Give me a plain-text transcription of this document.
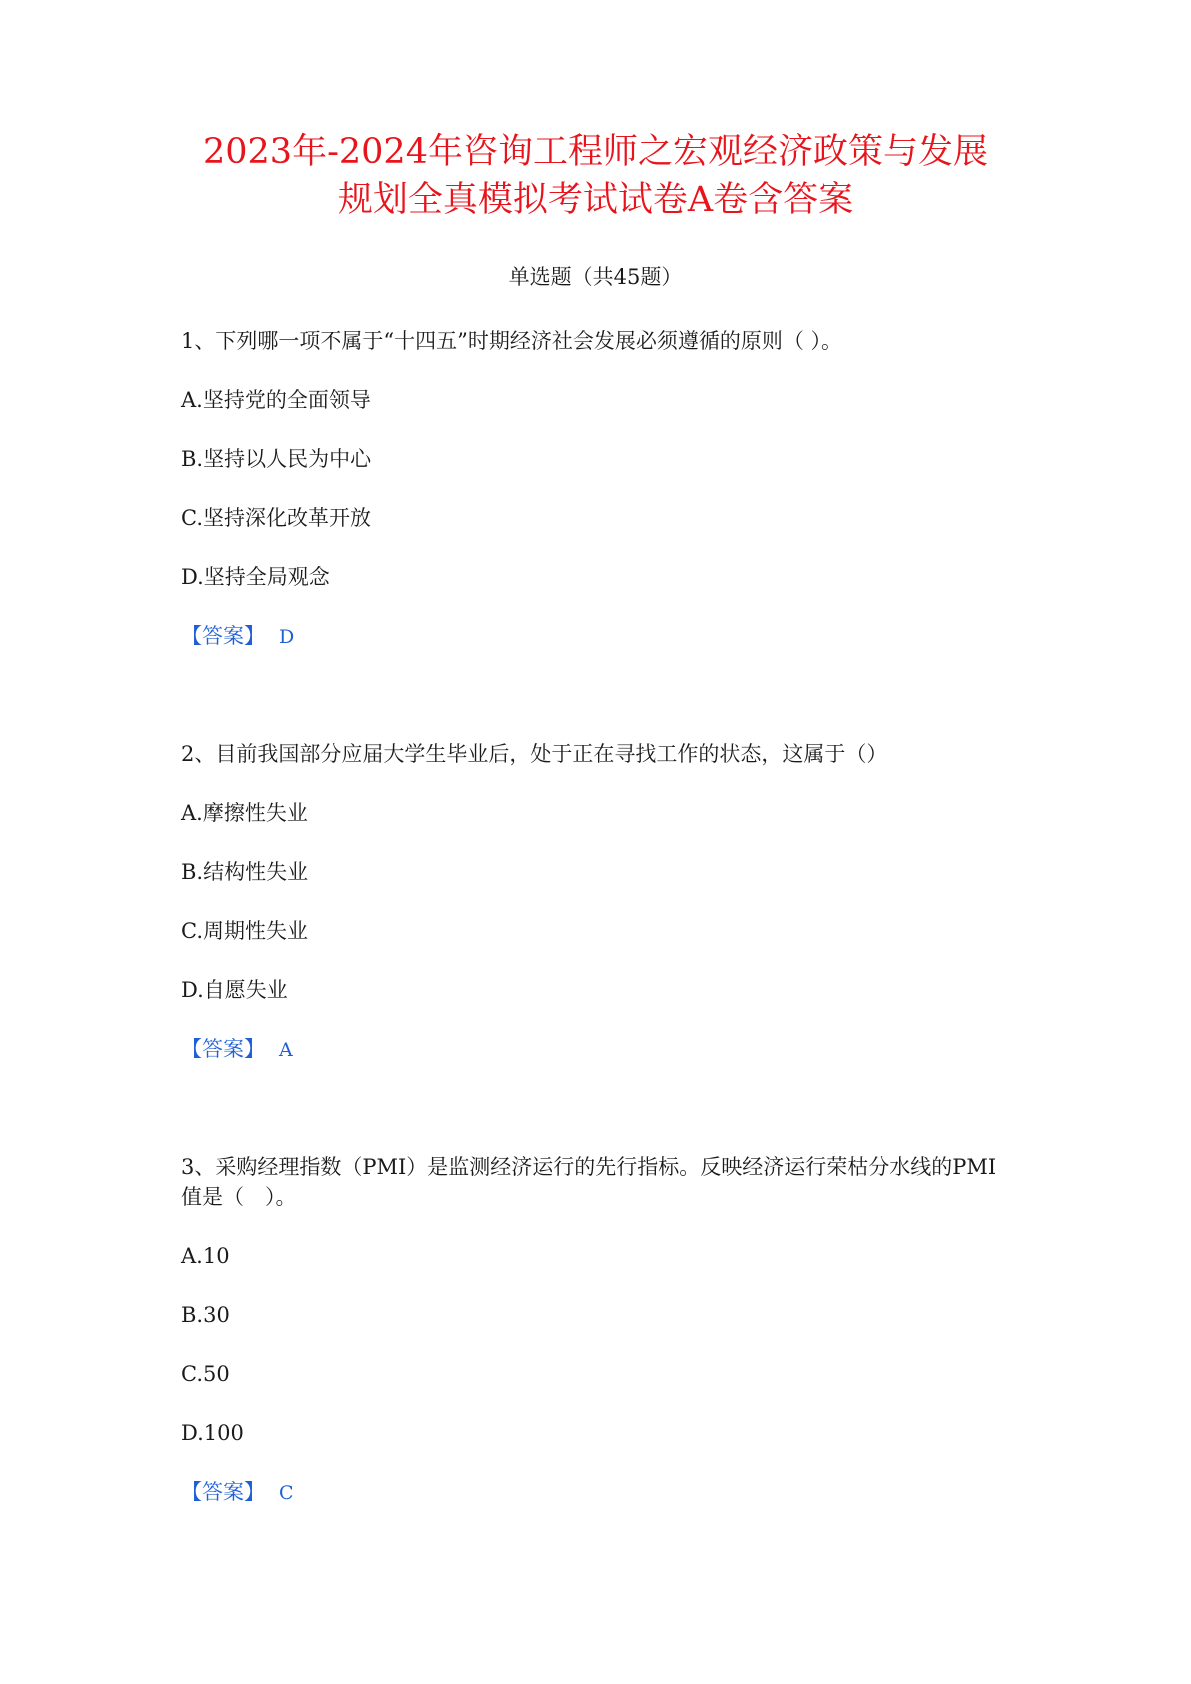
2023年-2024年咨询工程师之宏观经济政策与发展
规划全真模拟考试试卷A卷含答案
单选题（共45题）
1、下列哪一项不属于“十四五”时期经济社会发展必须遵循的原则（ ）。
A.坚持党的全面领导
B.坚持以人民为中心
C.坚持深化改革开放
D.坚持全局观念
【答案】 D
2、目前我国部分应届大学生毕业后，处于正在寻找工作的状态，这属于（）
A.摩擦性失业
B.结构性失业
C.周期性失业
D.自愿失业
【答案】 A
3、采购经理指数（PMI）是监测经济运行的先行指标。反映经济运行荣枯分水线的PMI值是（　）。
A.10
B.30
C.50
D.100
【答案】 C
